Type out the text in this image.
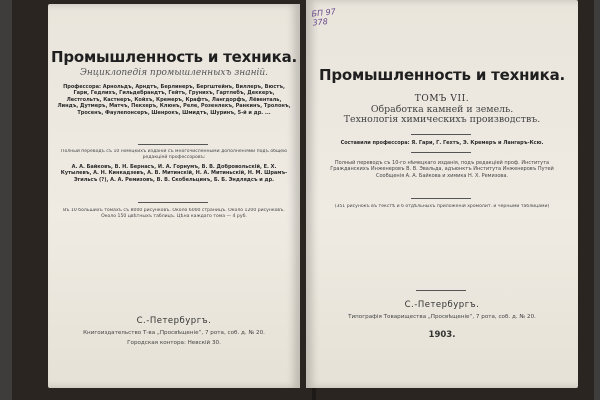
Промышленность и техника.
Энциклопедія промышленныхъ знаній.
Профессора: Арнольдъ, Арндтъ, Берлинеръ, Бергштейнъ, Виллеръ, Вюстъ, Гари, Гедлихъ, Гильдебрандтъ, Гейтъ, Грунихъ, Гартлебъ, Деккеръ, Лестгольтъ, Кастнеръ, Койхъ, Кремеръ, Крафтъ, Лангдорфъ, Лёвенталь, Линдъ, Дутмеръ, Матчъ, Пекхеръ, Клюнъ, Реле, Розенлекъ, Ранкинъ, Тролонъ, Тросенъ, Фаулепонсеръ, Шенрокъ, Шмидтъ, Шуринъ, 5-й и др. ...
Полный переводъ съ 10 німецкихъ изданій съ многочисленными дополненіями подъ общею редакціей профессоровъ:
А. А. Байковъ, В. Н. Бернасъ, И. А. Горнумъ, В. В. Добровольскій, Е. Х. Кутылевъ, А. Н. Кинкадзевъ, А. В. Митинскій, Н. А. Митиньскій, Н. М. Шрамъ-Эгильсъ (?), А. А. Ремизовъ, В. В. Скобельцинъ, Б. Б. Эндлядсъ и др.
Въ 10 большихъ томахъ съ 8000 рисунковъ. Около 6000 страницъ. Около 1200 рисунковъ. Около 150 цвѣтныхъ таблицъ. Цѣна каждаго тома — 4 руб.
С.-Петербургъ.
Книгоиздательство Т-ва „Просвѣщеніе“, 7 рота, соб. д. № 20.
Городская контора: Невскій 30.
Промышленность и техника.
ТОМЪ VII.
Обработка камней и земель.
Технологія химическихъ производствъ.
Составили профессора: Я. Гари, Г. Гехтъ, Э. Кремеръ и Лангаръ-Ксю.
Полный переводъ съ 10-го нѣмецкаго изданія, подъ редакціей проф. Института Гражданскихъ Инженеровъ В. В. Эвальда, адъюнктъ Института Инженеровъ Путей Сообщенія А. А. Байкова и химика Н. Х. Ремизова.
(351 рисунокъ въ текстѣ и 6 отдѣльныхъ приложеній хромолит. и черными таблицами)
С.-Петербургъ.
Типографія Товарищества „Просвѣщеніе“, 7 рота, соб. д. № 20.
1903.
БП 97
378
